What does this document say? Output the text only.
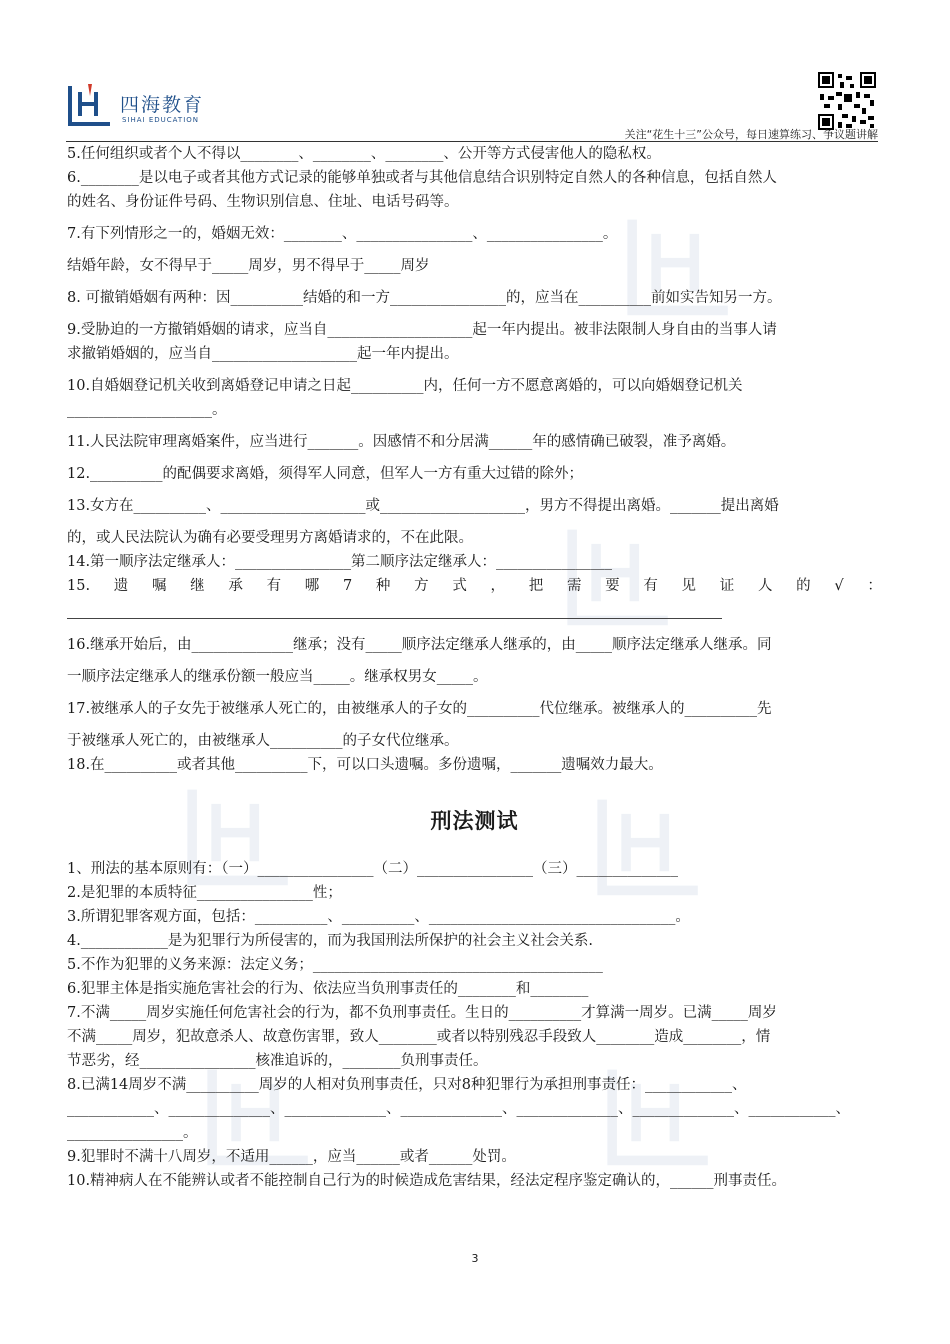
四海教育
SIHAI EDUCATION
关注“花生十三”公众号，每日速算练习、争议题讲解
5.任何组织或者个人不得以________、________、________、公开等方式侵害他人的隐私权。
6.________是以电子或者其他方式记录的能够单独或者与其他信息结合识别特定自然人的各种信息，包括自然人
的姓名、身份证件号码、生物识别信息、住址、电话号码等。
7.有下列情形之一的，婚姻无效：________、________________、________________。
结婚年龄，女不得早于_____周岁，男不得早于_____周岁
8. 可撤销婚姻有两种：因__________结婚的和一方________________的，应当在__________前如实告知另一方。
9.受胁迫的一方撤销婚姻的请求，应当自____________________起一年内提出。被非法限制人身自由的当事人请
求撤销婚姻的，应当自____________________起一年内提出。
10.自婚姻登记机关收到离婚登记申请之日起__________内，任何一方不愿意离婚的，可以向婚姻登记机关
____________________。
11.人民法院审理离婚案件，应当进行_______。因感情不和分居满______年的感情确已破裂，准予离婚。
12.__________的配偶要求离婚，须得军人同意，但军人一方有重大过错的除外；
13.女方在__________、____________________或____________________，男方不得提出离婚。_______提出离婚
的，或人民法院认为确有必要受理男方离婚请求的，不在此限。
14.第一顺序法定继承人：________________第二顺序法定继承人：________________
15. 遗 嘱 继 承 有 哪 7 种 方 式 ， 把 需 要 有 见 证 人 的 √ ：
16.继承开始后，由______________继承；没有_____顺序法定继承人继承的，由_____顺序法定继承人继承。同
一顺序法定继承人的继承份额一般应当_____。继承权男女_____。
17.被继承人的子女先于被继承人死亡的，由被继承人的子女的__________代位继承。被继承人的__________先
于被继承人死亡的，由被继承人__________的子女代位继承。
18.在__________或者其他__________下，可以口头遗嘱。多份遗嘱，_______遗嘱效力最大。
刑法测试
1、刑法的基本原则有：（一）________________（二）________________（三）______________
2.是犯罪的本质特征________________性；
3.所谓犯罪客观方面，包括：__________、__________、__________________________________。
4.____________是为犯罪行为所侵害的，而为我国刑法所保护的社会主义社会关系.
5.不作为犯罪的义务来源：法定义务；________________________________________
6.犯罪主体是指实施危害社会的行为、依法应当负刑事责任的________和________
7.不满_____周岁实施任何危害社会的行为，都不负刑事责任。生日的__________才算满一周岁。已满_____周岁
不满_____周岁，犯故意杀人、故意伤害罪，致人________或者以特别残忍手段致人________造成________，情
节恶劣，经________________核准追诉的，________负刑事责任。
8.已满14周岁不满__________周岁的人相对负刑事责任，只对8种犯罪行为承担刑事责任：____________、
____________、______________、______________、______________、______________、______________、____________、
________________。
9.犯罪时不满十八周岁，不适用______，应当______或者______处罚。
10.精神病人在不能辨认或者不能控制自己行为的时候造成危害结果，经法定程序鉴定确认的，______刑事责任。
3
